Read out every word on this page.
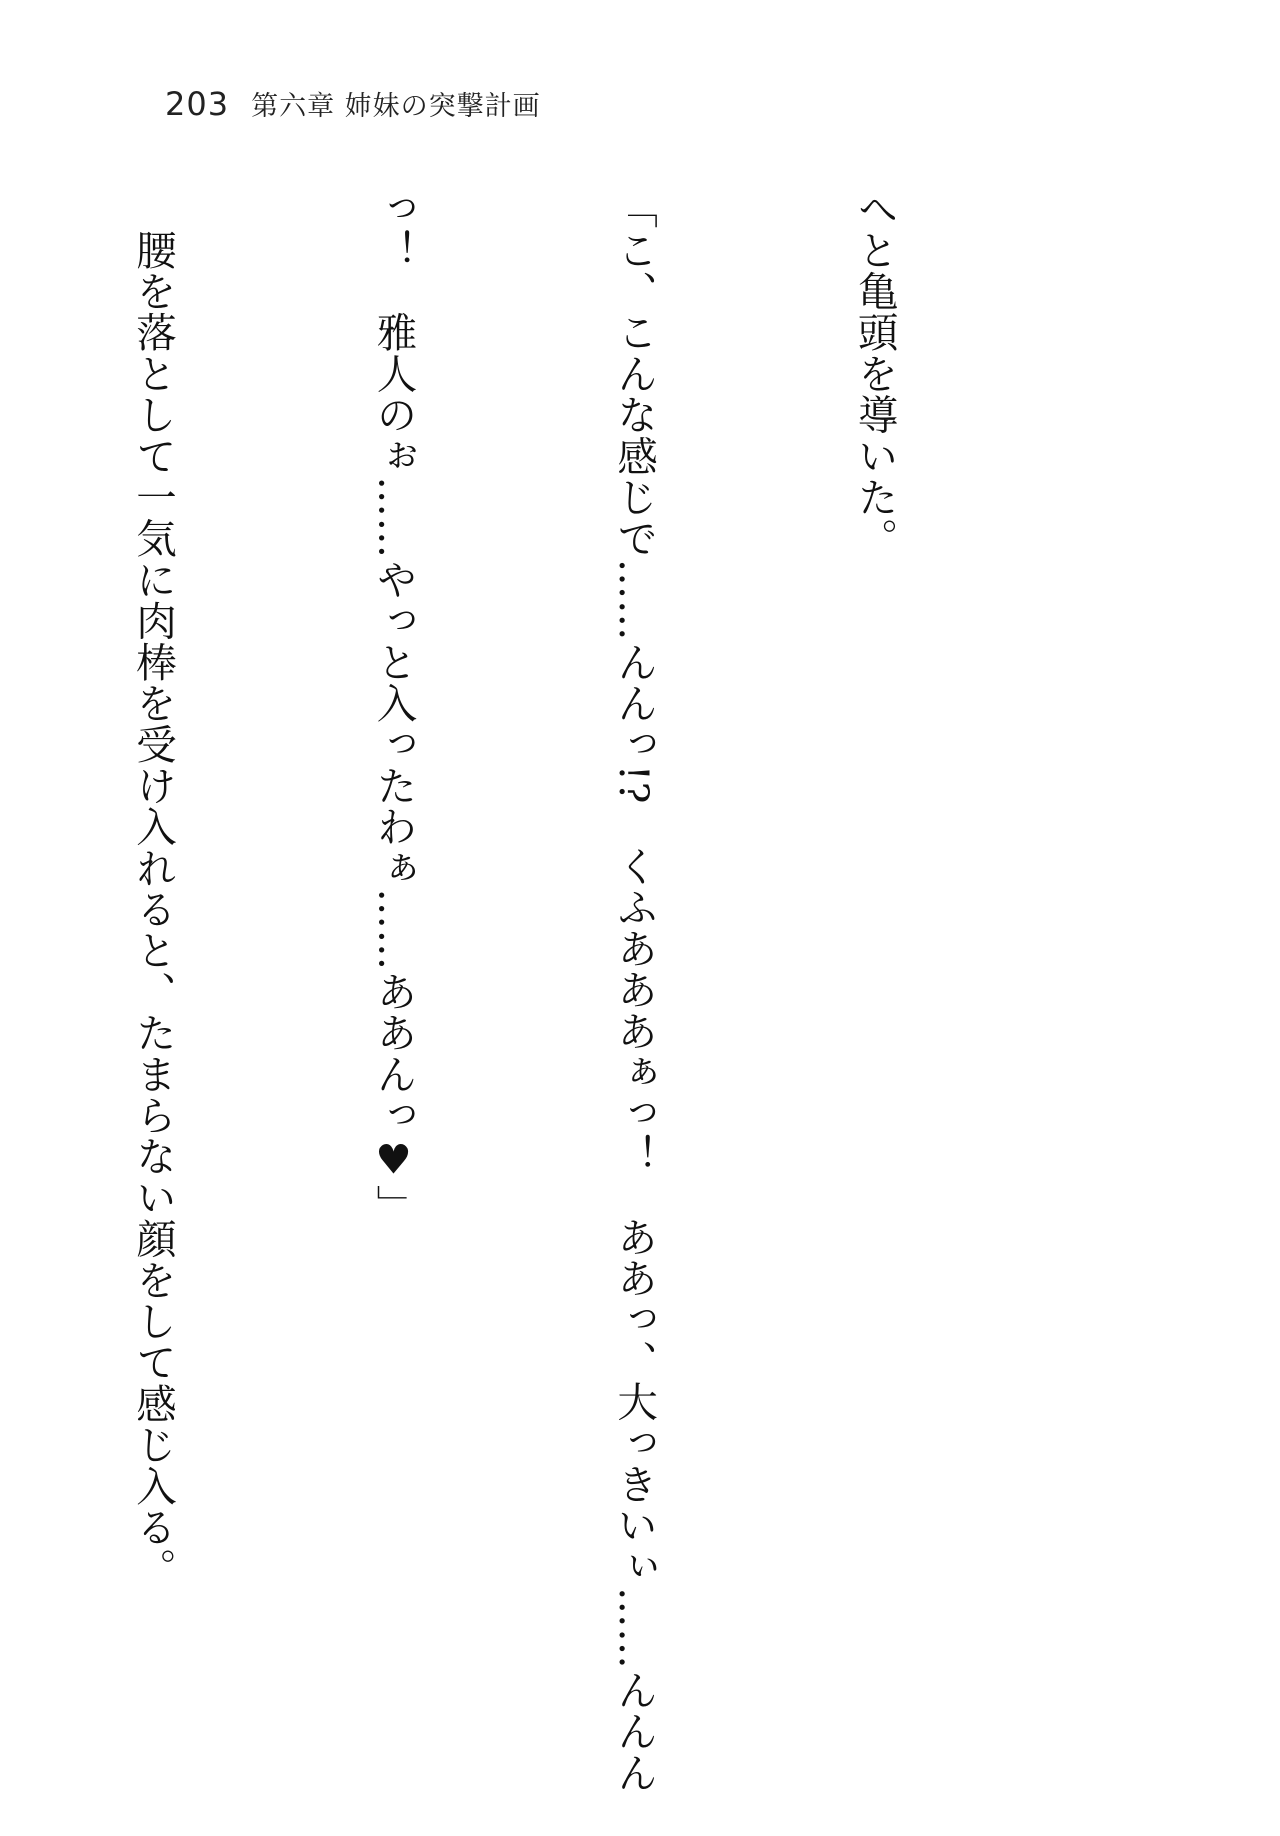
203 第六章 姉妹の突撃計画

へと亀頭を導いた。

「こ、こんな感じで……んんっ!?　くふあああぁっ！　ああっ、大っきいぃ……んんん

っ！　雅人のぉ……やっと入ったわぁ……ああんっ♥」

　腰を落として一気に肉棒を受け入れると、たまらない顔をして感じ入る。
